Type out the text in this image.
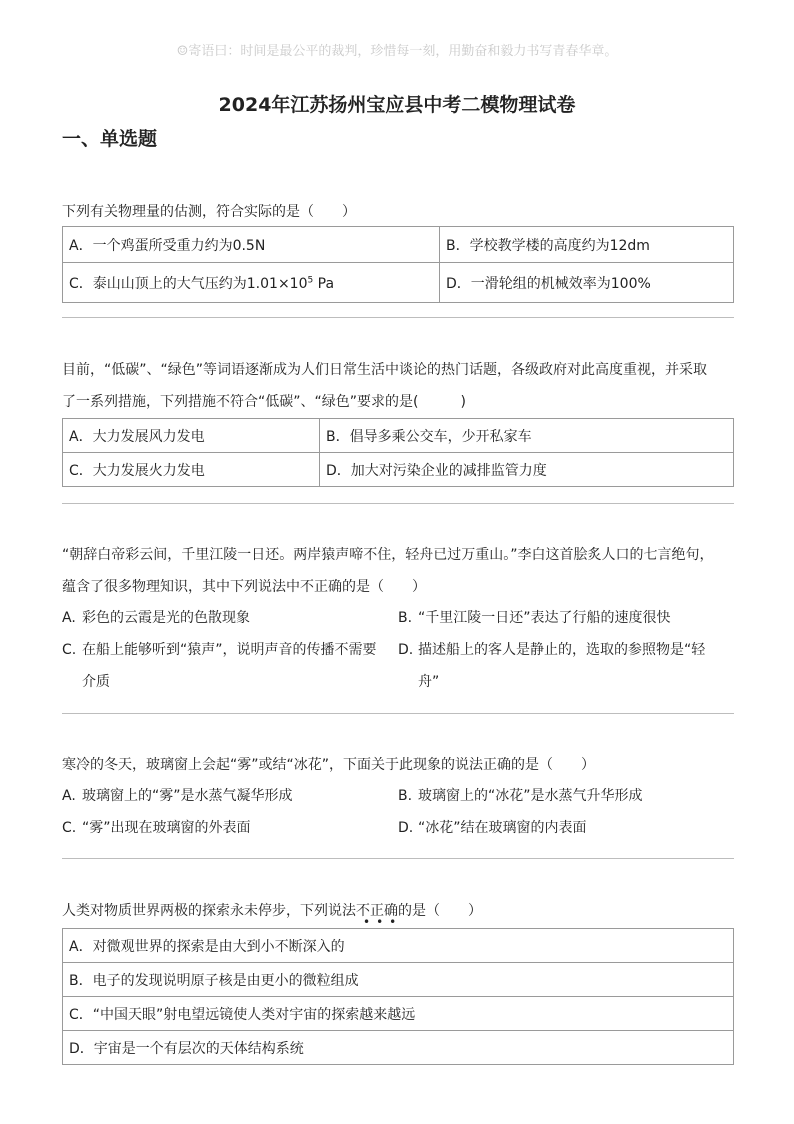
☺寄语曰：时间是最公平的裁判，珍惜每一刻，用勤奋和毅力书写青春华章。
2024年江苏扬州宝应县中考二模物理试卷
一、单选题
下列有关物理量的估测，符合实际的是（　　）
A．一个鸡蛋所受重力约为0.5N	B．学校教学楼的高度约为12dm
C．泰山山顶上的大气压约为$1.01\times 10^5$ Pa	D．一滑轮组的机械效率为100%
目前，“低碳”、“绿色”等词语逐渐成为人们日常生活中谈论的热门话题，各级政府对此高度重视，并采取
了一系列措施，下列措施不符合“低碳”、“绿色”要求的是(　　　)
A．大力发展风力发电	B．倡导多乘公交车，少开私家车
C．大力发展火力发电	D．加大对污染企业的减排监管力度
“朝辞白帝彩云间，千里江陵一日还。两岸猿声啼不住，轻舟已过万重山。”李白这首脍炙人口的七言绝句，
蕴含了很多物理知识，其中下列说法中不正确的是（　　）
A. 彩色的云霞是光的色散现象	B. “千里江陵一日还”表达了行船的速度很快
C. 在船上能够听到“猿声”，说明声音的传播不需要
介质
D. 描述船上的客人是静止的，选取的参照物是“轻
舟”
寒冷的冬天，玻璃窗上会起“雾”或结“冰花”，下面关于此现象的说法正确的是（　　）
A. 玻璃窗上的“雾”是水蒸气凝华形成	B. 玻璃窗上的“冰花”是水蒸气升华形成
C. “雾”出现在玻璃窗的外表面	D. “冰花”结在玻璃窗的内表面
人类对物质世界两极的探索永未停步，下列说法不正确的是（　　）
•••
A．对微观世界的探索是由大到小不断深入的
B．电子的发现说明原子核是由更小的微粒组成
C．“中国天眼”射电望远镜使人类对宇宙的探索越来越远
D．宇宙是一个有层次的天体结构系统
